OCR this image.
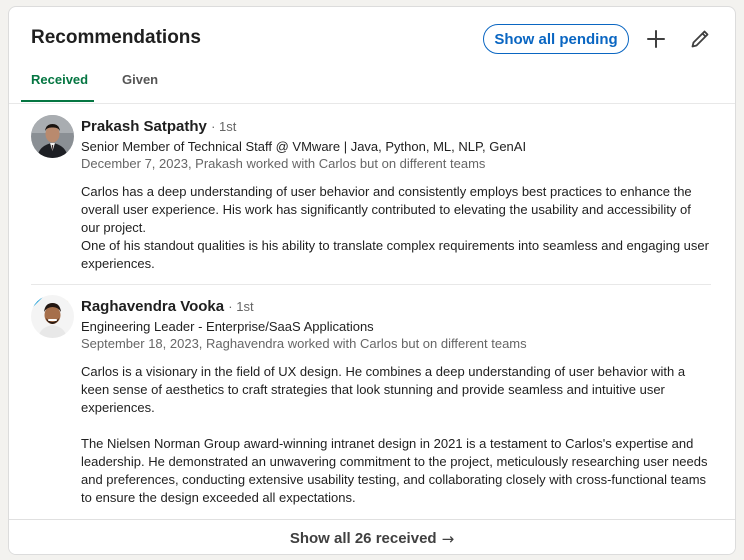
Recommendations	Show all pending
Received	Given
Prakash Satpathy · 1st
Senior Member of Technical Staff @ VMware | Java, Python, ML, NLP, GenAI
December 7, 2023, Prakash worked with Carlos but on different teams

Carlos has a deep understanding of user behavior and consistently employs best practices to enhance the overall user experience. His work has significantly contributed to elevating the usability and accessibility of our project.

One of his standout qualities is his ability to translate complex requirements into seamless and engaging user experiences.

Raghavendra Vooka · 1st
Engineering Leader - Enterprise/SaaS Applications
September 18, 2023, Raghavendra worked with Carlos but on different teams

Carlos is a visionary in the field of UX design. He combines a deep understanding of user behavior with a keen sense of aesthetics to craft strategies that look stunning and provide seamless and intuitive user experiences.

The Nielsen Norman Group award-winning intranet design in 2021 is a testament to Carlos's expertise and leadership. He demonstrated an unwavering commitment to the project, meticulously researching user needs and preferences, conducting extensive usability testing, and collaborating closely with cross-functional teams to ensure the design exceeded all expectations.

Show all 26 received →
